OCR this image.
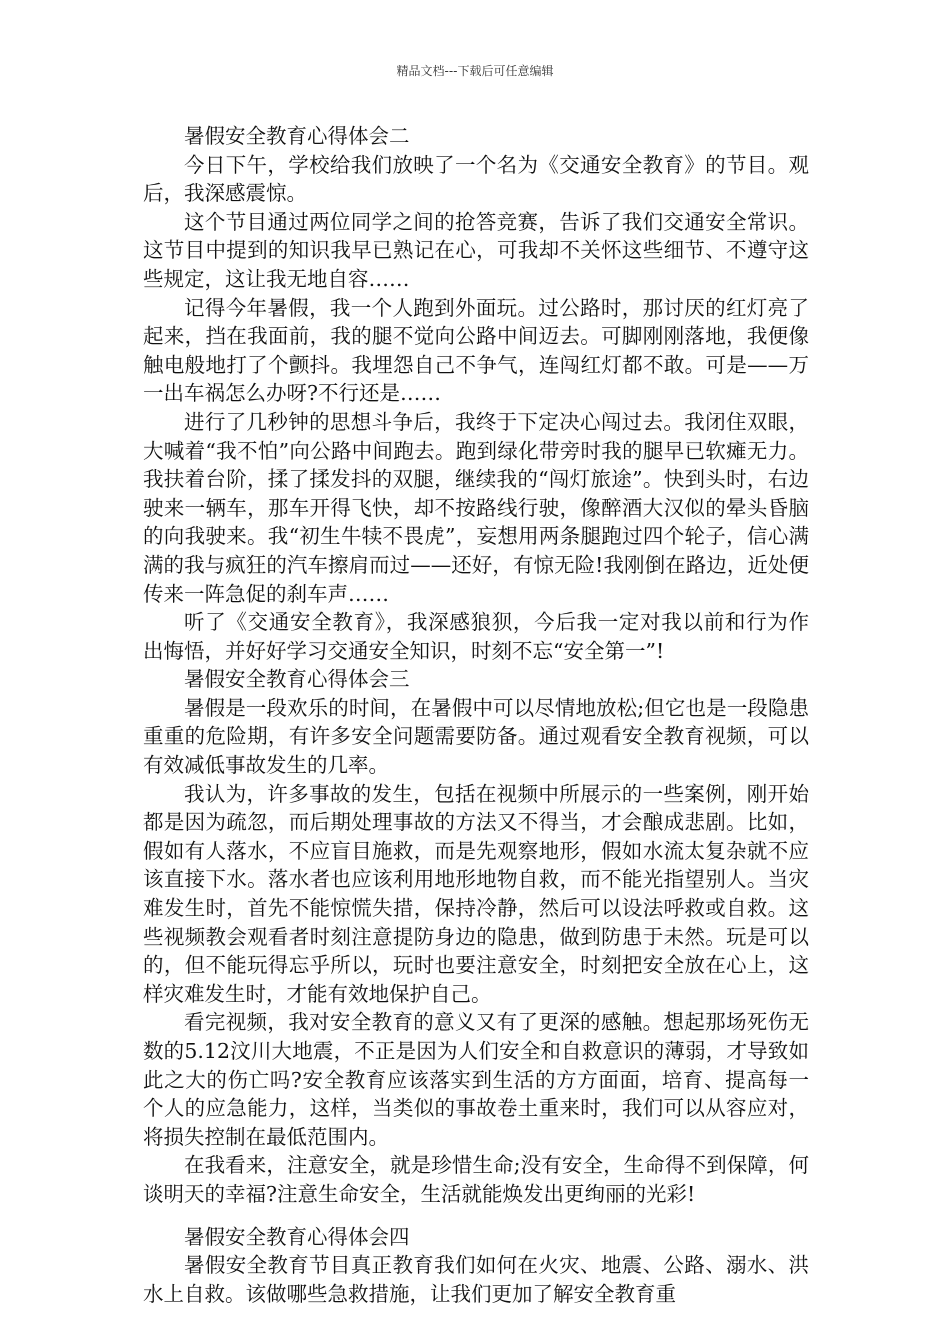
精品文档---下载后可任意编辑

暑假安全教育心得体会二

今日下午，学校给我们放映了一个名为《交通安全教育》的节目。观后，我深感震惊。

这个节目通过两位同学之间的抢答竞赛，告诉了我们交通安全常识。这节目中提到的知识我早已熟记在心，可我却不关怀这些细节、不遵守这些规定，这让我无地自容……

记得今年暑假，我一个人跑到外面玩。过公路时，那讨厌的红灯亮了起来，挡在我面前，我的腿不觉向公路中间迈去。可脚刚刚落地，我便像触电般地打了个颤抖。我埋怨自己不争气，连闯红灯都不敢。可是——万一出车祸怎么办呀?不行还是……

进行了几秒钟的思想斗争后，我终于下定决心闯过去。我闭住双眼，大喊着“我不怕”向公路中间跑去。跑到绿化带旁时我的腿早已软瘫无力。我扶着台阶，揉了揉发抖的双腿，继续我的“闯灯旅途”。快到头时，右边驶来一辆车，那车开得飞快，却不按路线行驶，像醉酒大汉似的晕头昏脑的向我驶来。我“初生牛犊不畏虎”，妄想用两条腿跑过四个轮子，信心满满的我与疯狂的汽车擦肩而过——还好，有惊无险!我刚倒在路边，近处便传来一阵急促的刹车声……

听了《交通安全教育》，我深感狼狈，今后我一定对我以前和行为作出悔悟，并好好学习交通安全知识，时刻不忘“安全第一”!

暑假安全教育心得体会三

暑假是一段欢乐的时间，在暑假中可以尽情地放松;但它也是一段隐患重重的危险期，有许多安全问题需要防备。通过观看安全教育视频，可以有效减低事故发生的几率。

我认为，许多事故的发生，包括在视频中所展示的一些案例，刚开始都是因为疏忽，而后期处理事故的方法又不得当，才会酿成悲剧。比如，假如有人落水，不应盲目施救，而是先观察地形，假如水流太复杂就不应该直接下水。落水者也应该利用地形地物自救，而不能光指望别人。当灾难发生时，首先不能惊慌失措，保持冷静，然后可以设法呼救或自救。这些视频教会观看者时刻注意提防身边的隐患，做到防患于未然。玩是可以的，但不能玩得忘乎所以，玩时也要注意安全，时刻把安全放在心上，这样灾难发生时，才能有效地保护自己。

看完视频，我对安全教育的意义又有了更深的感触。想起那场死伤无数的5.12汶川大地震，不正是因为人们安全和自救意识的薄弱，才导致如此之大的伤亡吗?安全教育应该落实到生活的方方面面，培育、提高每一个人的应急能力，这样，当类似的事故卷土重来时，我们可以从容应对，将损失控制在最低范围内。

在我看来，注意安全，就是珍惜生命;没有安全，生命得不到保障，何谈明天的幸福?注意生命安全，生活就能焕发出更绚丽的光彩!

暑假安全教育心得体会四

暑假安全教育节目真正教育我们如何在火灾、地震、公路、溺水、洪水上自救。该做哪些急救措施，让我们更加了解安全教育重
